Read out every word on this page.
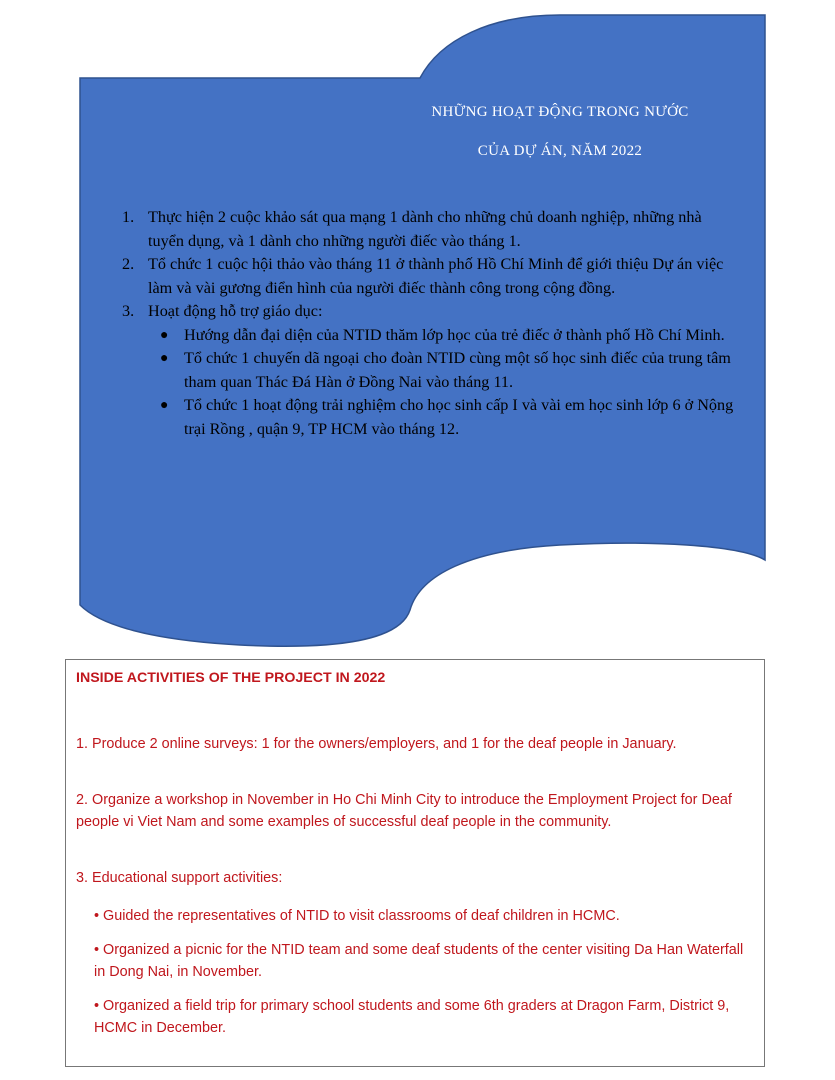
NHỮNG HOẠT ĐỘNG TRONG NƯỚC
CỦA DỰ ÁN, NĂM 2022
1. Thực hiện 2 cuộc khảo sát qua mạng 1 dành cho những chủ doanh nghiệp, những nhà tuyển dụng, và 1 dành cho những người điếc vào tháng 1.
2. Tổ chức 1 cuộc hội thảo vào tháng 11 ở thành phố Hồ Chí Minh để giới thiệu Dự án việc làm và vài gương điển hình của người điếc thành công trong cộng đồng.
3. Hoạt động hỗ trợ giáo dục:
● Hướng dẫn đại diện của NTID thăm lớp học của trẻ điếc ở thành phố Hồ Chí Minh.
● Tổ chức 1 chuyến dã ngoại cho đoàn NTID cùng một số học sinh điếc của trung tâm tham quan Thác Đá Hàn ở Đồng Nai vào tháng 11.
● Tổ chức 1 hoạt động trải nghiệm cho học sinh cấp I và vài em học sinh lớp 6 ở Nộng trại Rồng , quận 9, TP HCM vào tháng 12.
INSIDE ACTIVITIES OF THE PROJECT IN 2022
1. Produce 2 online surveys: 1 for the owners/employers, and 1 for the deaf people in January.
2. Organize a workshop in November in Ho Chi Minh City to introduce the Employment Project for Deaf people vi Viet Nam and some examples of successful deaf people in the community.
3. Educational support activities:
• Guided the representatives of NTID to visit classrooms of deaf children in HCMC.
• Organized a picnic for the NTID team and some deaf students of the center visiting Da Han Waterfall in Dong Nai, in November.
• Organized a field trip for primary school students and some 6th graders at Dragon Farm, District 9, HCMC in December.
